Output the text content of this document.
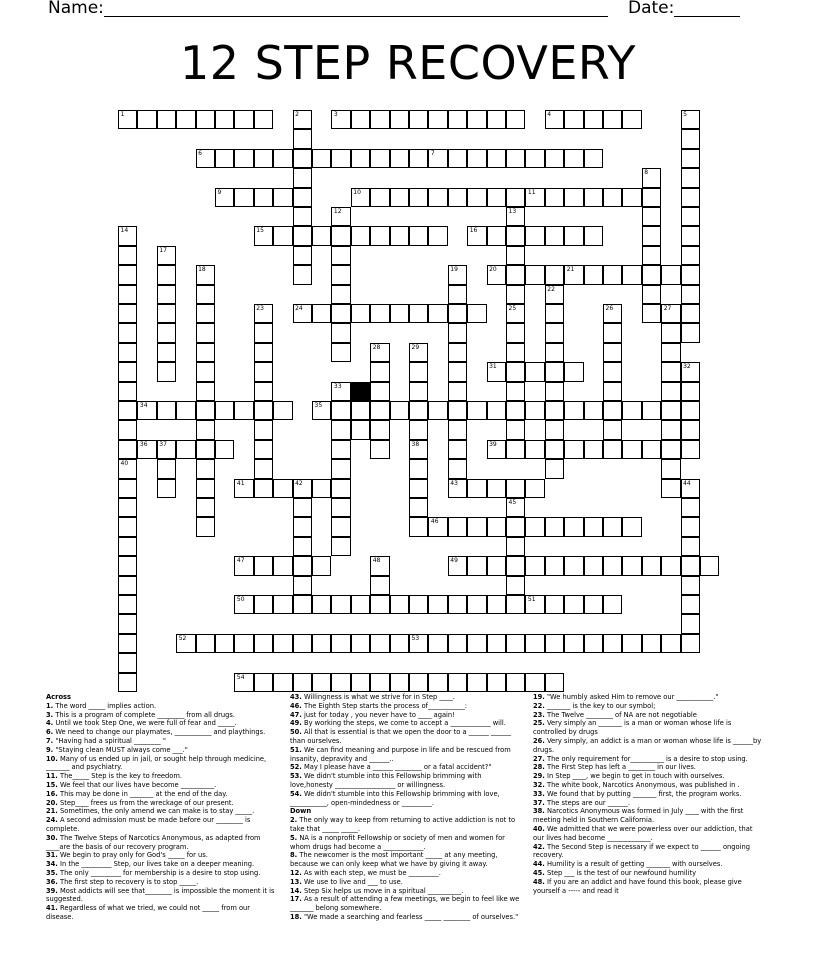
Name:	Date:
12 STEP RECOVERY
1	3	4
6	7
9	10	11
15	16
20	21
24
31
34	35
36 37	39
41	42	43
46
47	49
50	51
52	53
54
2	5
8
12	13
14
40
17
18	19
22
23	25	26	27
28	29
38
32
33
44
45
48

Across

1. The word _____ implies action.

3. This is a program of complete ________ from all drugs.

4. Until we took Step One, we were full of fear and _____.

6. We need to change our playmates, ___________ and playthings.

7. "Having had a spiritual ________ "

9. "Staying clean MUST always come ___."

10. Many of us ended up in jail, or sought help through medicine, _______ and psychiatry.

11. The_____ Step is the key to freedom.

15. We feel that our lives have become __________.

16. This may be done in _______ at the end of the day.

20. Step____ frees us from the wreckage of our present.

21. Sometimes, the only amend we can make is to stay _____.

24. A second admission must be made before our ________ is complete.

30. The Twelve Steps of Narcotics Anonymous, as adapted from ____are the basis of our recovery program.

31. We begin to pray only for God's _____ for us.

34. In the _________ Step, our lives take on a deeper meaning.

35. The only _________ for membership is a desire to stop using.

36. The first step to recovery is to stop _____.

39. Most addicts will see that________ is impossible the moment it is suggested.

41. Regardless of what we tried, we could not _____ from our disease.

43. Willingness is what we strive for in Step ____.

46. The Eighth Step starts the process of___________:

47. just for today , you never have to ____ again!

49. By working the steps, we come to accept a ____________ will.

50. All that is essential is that we open the door to a ______ ______ than ourselves.

51. We can find meaning and purpose in life and be rescued from insanity, depravity and ______..

52. May I please have a ______ ________ or a fatal accident?"

53. We didn't stumble into this Fellowship brimming with love,honesty __________________ or willingness.

54. We didn't stumble into this Fellowship brimming with love, ___________, open-mindedness or _________.

Down

2. The only way to keep from returning to active addiction is not to take that _____ _____.

5. NA is a nonprofit Fellowship or society of men and women for whom drugs had become a ____________.

8. The newcomer is the most important _____ at any meeting, because we can only keep what we have by giving it away.

12. As with each step, we must be _________.

13. We use to live and ___ to use.

14. Step Six helps us move in a spiritual __________.

17. As a result of attending a few meetings, we begin to feel like we _______ belong somewhere.

18. "We made a searching and fearless _____ ________ of ourselves."

19. "We humbly asked Him to remove our ___________."

22. _______ is the key to our symbol;

23. The Twelve ________ of NA are not negotiable

25. Very simply an _______ is a man or woman whose life is controlled by drugs

26. Very simply, an addict is a man or woman whose life is ______by drugs.

27. The only requirement for__________ is a desire to stop using.

28. The First Step has left a ________ in our lives.

29. In Step ____, we begin to get in touch with ourselves.

32. The white book, Narcotics Anonymous, was published in .

33. We found that by putting _______ first, the program works.

37. The steps are our ______.

38. Narcotics Anonymous was formed in July ____ with the first meeting held in Southern California.

40. We admitted that we were powerless over our addiction, that our lives had become _____________.

42. The Second Step is necessary if we expect to ______ ongoing recovery.

44. Humility is a result of getting _______ with ourselves.

45. Step ___ is the test of our newfound humility

48. If you are an addict and have found this book, please give yourself a ----- and read it
